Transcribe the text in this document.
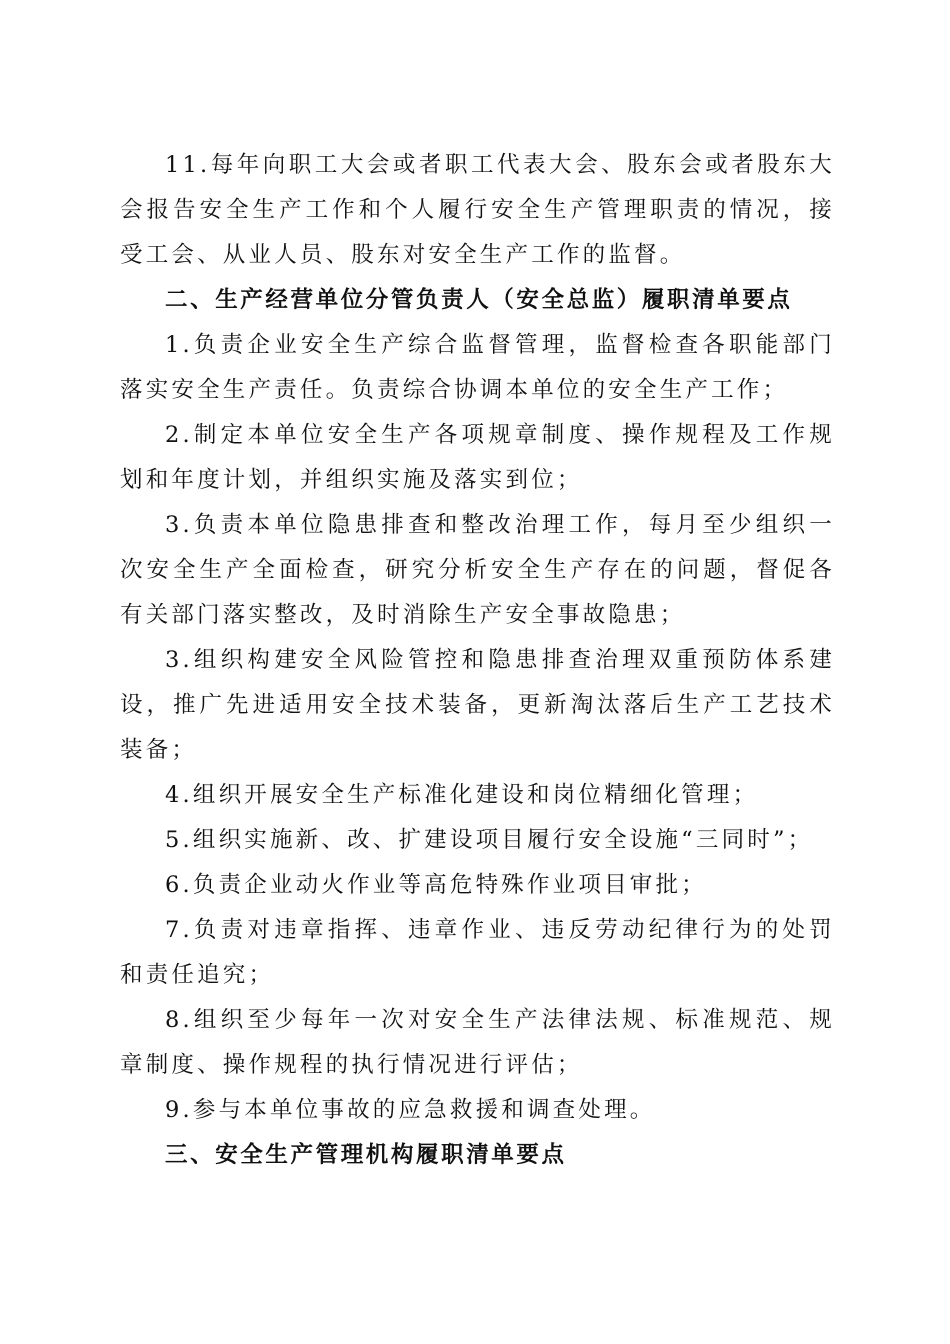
11.每年向职工大会或者职工代表大会、股东会或者股东大会报告安全生产工作和个人履行安全生产管理职责的情况，接受工会、从业人员、股东对安全生产工作的监督。

二、生产经营单位分管负责人（安全总监）履职清单要点

1.负责企业安全生产综合监督管理，监督检查各职能部门落实安全生产责任。负责综合协调本单位的安全生产工作；

2.制定本单位安全生产各项规章制度、操作规程及工作规划和年度计划，并组织实施及落实到位；

3.负责本单位隐患排查和整改治理工作，每月至少组织一次安全生产全面检查，研究分析安全生产存在的问题，督促各有关部门落实整改，及时消除生产安全事故隐患；

3.组织构建安全风险管控和隐患排查治理双重预防体系建设，推广先进适用安全技术装备，更新淘汰落后生产工艺技术装备；

4.组织开展安全生产标准化建设和岗位精细化管理；

5.组织实施新、改、扩建设项目履行安全设施“三同时”；

6.负责企业动火作业等高危特殊作业项目审批；

7.负责对违章指挥、违章作业、违反劳动纪律行为的处罚和责任追究；

8.组织至少每年一次对安全生产法律法规、标准规范、规章制度、操作规程的执行情况进行评估；

9.参与本单位事故的应急救援和调查处理。

三、安全生产管理机构履职清单要点
